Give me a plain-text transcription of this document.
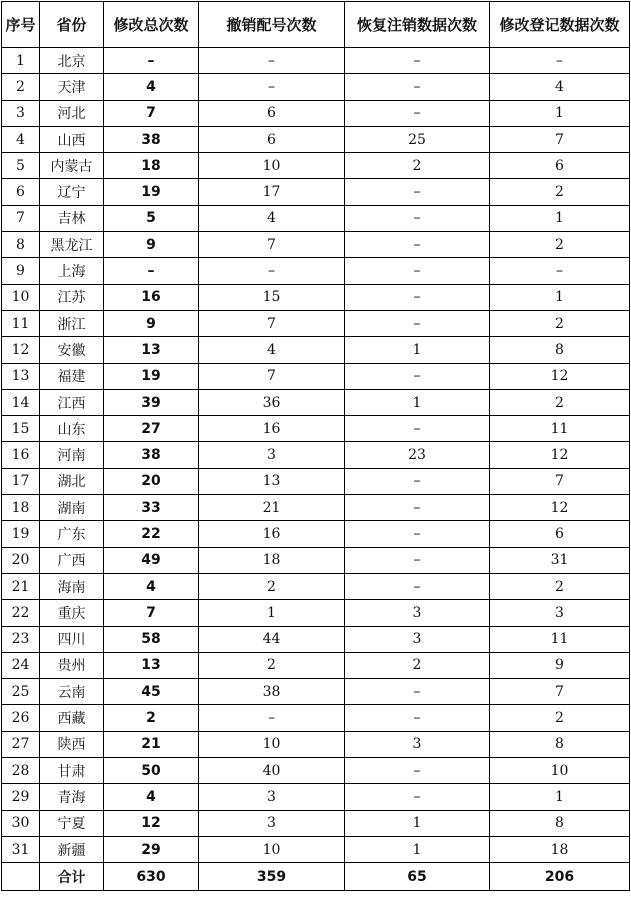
序号	省份	修改总次数	撤销配号次数	恢复注销数据次数	修改登记数据次数
1	北京	–	–	–	–
2	天津	4	–	–	4
3	河北	7	6	–	1
4	山西	38	6	25	7
5	内蒙古	18	10	2	6
6	辽宁	19	17	–	2
7	吉林	5	4	–	1
8	黑龙江	9	7	–	2
9	上海	–	–	–	–
10	江苏	16	15	–	1
11	浙江	9	7	–	2
12	安徽	13	4	1	8
13	福建	19	7	–	12
14	江西	39	36	1	2
15	山东	27	16	–	11
16	河南	38	3	23	12
17	湖北	20	13	–	7
18	湖南	33	21	–	12
19	广东	22	16	–	6
20	广西	49	18	–	31
21	海南	4	2	–	2
22	重庆	7	1	3	3
23	四川	58	44	3	11
24	贵州	13	2	2	9
25	云南	45	38	–	7
26	西藏	2	–	–	2
27	陕西	21	10	3	8
28	甘肃	50	40	–	10
29	青海	4	3	–	1
30	宁夏	12	3	1	8
31	新疆	29	10	1	18
	合计	630	359	65	206
